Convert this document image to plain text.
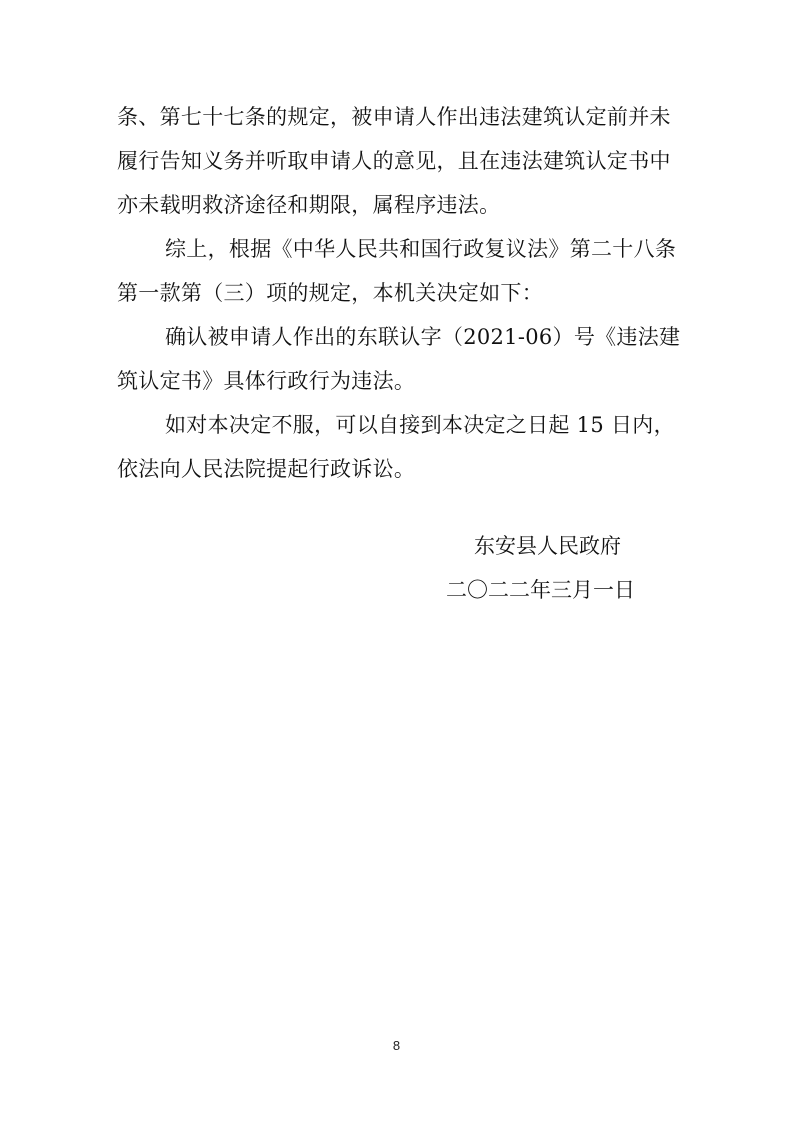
条、第七十七条的规定，被申请人作出违法建筑认定前并未
履行告知义务并听取申请人的意见，且在违法建筑认定书中
亦未载明救济途径和期限，属程序违法。
综上，根据《中华人民共和国行政复议法》第二十八条
第一款第（三）项的规定，本机关决定如下：
确认被申请人作出的东联认字（2021-06）号《违法建
筑认定书》具体行政行为违法。
如对本决定不服，可以自接到本决定之日起 15 日内，
依法向人民法院提起行政诉讼。
东安县人民政府
二〇二二年三月一日
8
